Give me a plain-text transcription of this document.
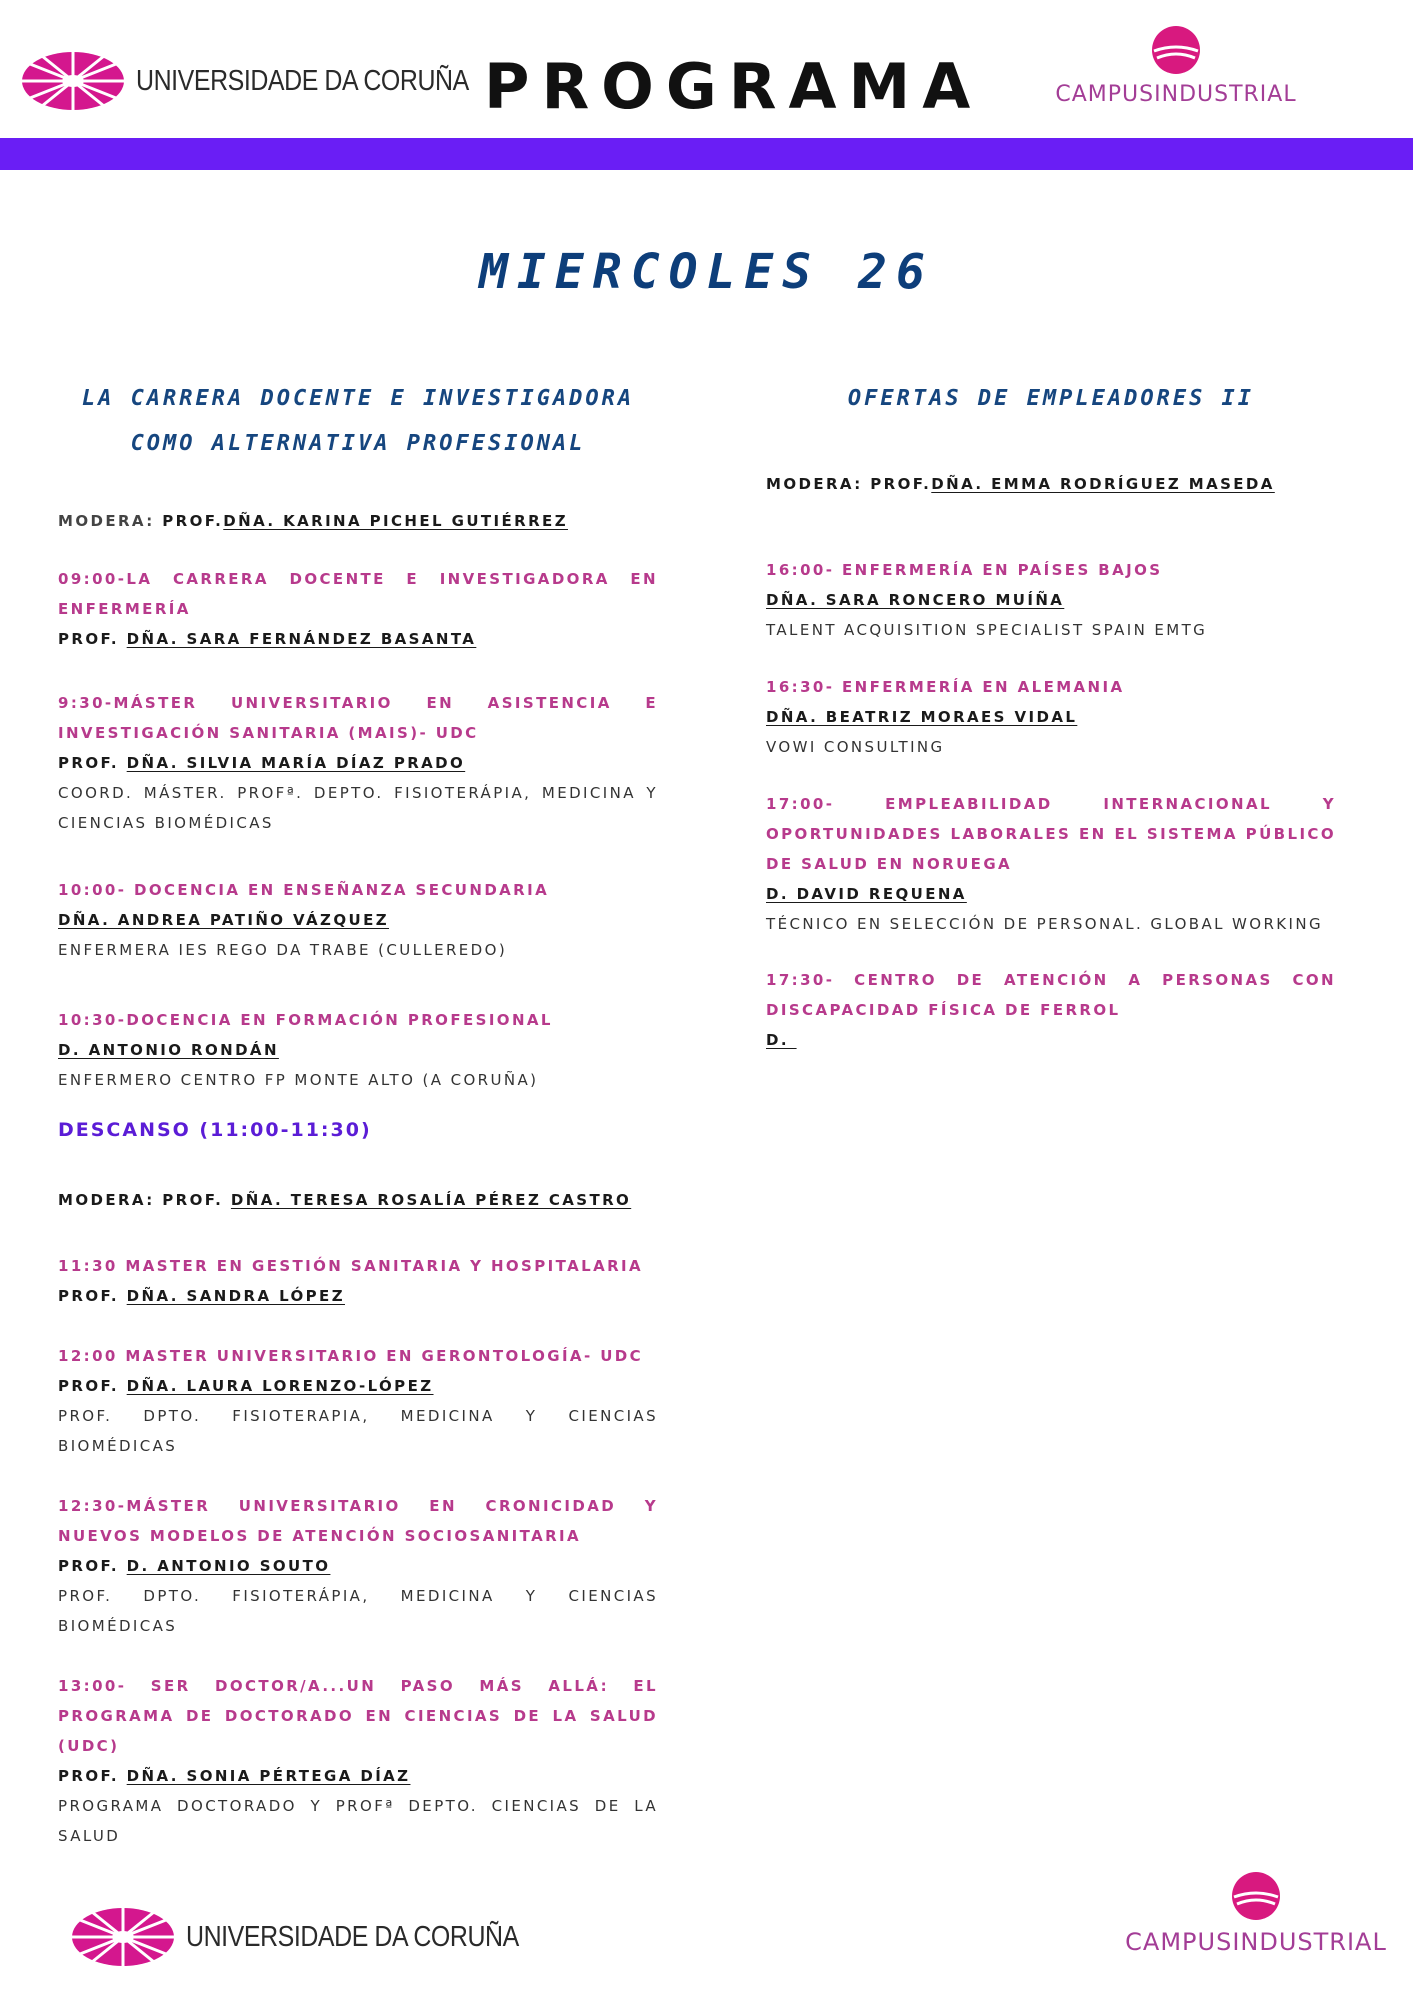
UNIVERSIDADE DA CORUÑA PROGRAMA	CAMPUSINDUSTRIAL
MIERCOLES 26
LA CARRERA DOCENTE E INVESTIGADORA
COMO ALTERNATIVA PROFESIONAL
MODERA: PROF.DÑA. KARINA PICHEL GUTIÉRREZ
09:00-LA CARRERA DOCENTE E INVESTIGADORA EN ENFERMERÍA
PROF. DÑA. SARA FERNÁNDEZ BASANTA
9:30-MÁSTER UNIVERSITARIO EN ASISTENCIA E INVESTIGACIÓN SANITARIA (MAIS)- UDC
PROF. DÑA. SILVIA MARÍA DÍAZ PRADO
COORD. MÁSTER. PROFª. DEPTO. FISIOTERÁPIA, MEDICINA Y CIENCIAS BIOMÉDICAS
10:00- DOCENCIA EN ENSEÑANZA SECUNDARIA
DÑA. ANDREA PATIÑO VÁZQUEZ
ENFERMERA IES REGO DA TRABE (CULLEREDO)
10:30-DOCENCIA EN FORMACIÓN PROFESIONAL
D. ANTONIO RONDÁN
ENFERMERO CENTRO FP MONTE ALTO (A CORUÑA)
DESCANSO (11:00-11:30)
MODERA: PROF. DÑA. TERESA ROSALÍA PÉREZ CASTRO
11:30 MASTER EN GESTIÓN SANITARIA Y HOSPITALARIA
PROF. DÑA. SANDRA LÓPEZ
12:00 MASTER UNIVERSITARIO EN GERONTOLOGÍA- UDC
PROF. DÑA. LAURA LORENZO-LÓPEZ
PROF. DPTO. FISIOTERAPIA, MEDICINA Y CIENCIAS BIOMÉDICAS
12:30-MÁSTER UNIVERSITARIO EN CRONICIDAD Y NUEVOS MODELOS DE ATENCIÓN SOCIOSANITARIA
PROF. D. ANTONIO SOUTO
PROF. DPTO. FISIOTERÁPIA, MEDICINA Y CIENCIAS BIOMÉDICAS
13:00- SER DOCTOR/A...UN PASO MÁS ALLÁ: EL PROGRAMA DE DOCTORADO EN CIENCIAS DE LA SALUD (UDC)
PROF. DÑA. SONIA PÉRTEGA DÍAZ
PROGRAMA DOCTORADO Y PROFª DEPTO. CIENCIAS DE LA SALUD
OFERTAS DE EMPLEADORES II
MODERA: PROF.DÑA. EMMA RODRÍGUEZ MASEDA
16:00- ENFERMERÍA EN PAÍSES BAJOS
DÑA. SARA RONCERO MUÍÑA
TALENT ACQUISITION SPECIALIST SPAIN EMTG
16:30- ENFERMERÍA EN ALEMANIA
DÑA. BEATRIZ MORAES VIDAL
VOWI CONSULTING
17:00- EMPLEABILIDAD INTERNACIONAL Y OPORTUNIDADES LABORALES EN EL SISTEMA PÚBLICO DE SALUD EN NORUEGA
D. DAVID REQUENA
TÉCNICO EN SELECCIÓN DE PERSONAL. GLOBAL WORKING
17:30- CENTRO DE ATENCIÓN A PERSONAS CON DISCAPACIDAD FÍSICA DE FERROL
D.
UNIVERSIDADE DA CORUÑA	CAMPUSINDUSTRIAL
